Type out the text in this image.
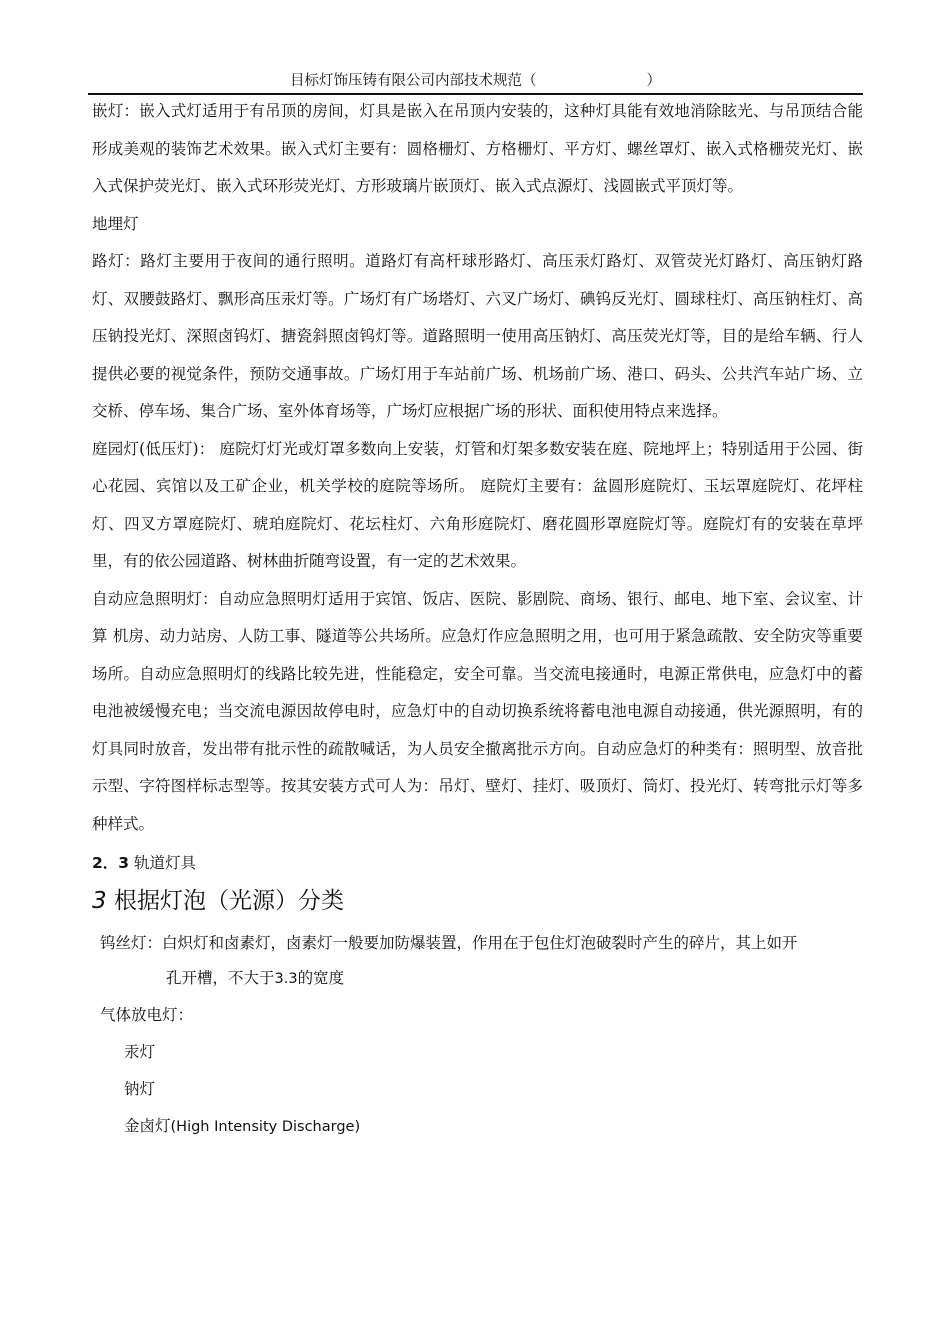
目标灯饰压铸有限公司内部技术规范（	）

嵌灯：嵌入式灯适用于有吊顶的房间，灯具是嵌入在吊顶内安装的，这种灯具能有效地消除眩光、与吊顶结合能形成美观的装饰艺术效果。嵌入式灯主要有：圆格栅灯、方格栅灯、平方灯、螺丝罩灯、嵌入式格栅荧光灯、嵌入式保护荧光灯、嵌入式环形荧光灯、方形玻璃片嵌顶灯、嵌入式点源灯、浅圆嵌式平顶灯等。

地埋灯

路灯：路灯主要用于夜间的通行照明。道路灯有高杆球形路灯、高压汞灯路灯、双管荧光灯路灯、高压钠灯路灯、双腰鼓路灯、飘形高压汞灯等。广场灯有广场塔灯、六叉广场灯、碘钨反光灯、圆球柱灯、高压钠柱灯、高压钠投光灯、深照卤钨灯、搪瓷斜照卤钨灯等。道路照明一使用高压钠灯、高压荧光灯等，目的是给车辆、行人提供必要的视觉条件，预防交通事故。广场灯用于车站前广场、机场前广场、港口、码头、公共汽车站广场、立交桥、停车场、集合广场、室外体育场等，广场灯应根据广场的形状、面积使用特点来选择。

庭园灯(低压灯)： 庭院灯灯光或灯罩多数向上安装，灯管和灯架多数安装在庭、院地坪上；特别适用于公园、街心花园、宾馆以及工矿企业，机关学校的庭院等场所。 庭院灯主要有：盆圆形庭院灯、玉坛罩庭院灯、花坪柱灯、四叉方罩庭院灯、琥珀庭院灯、花坛柱灯、六角形庭院灯、磨花圆形罩庭院灯等。庭院灯有的安装在草坪里，有的依公园道路、树林曲折随弯设置，有一定的艺术效果。

自动应急照明灯：自动应急照明灯适用于宾馆、饭店、医院、影剧院、商场、银行、邮电、地下室、会议室、计算 机房、动力站房、人防工事、隧道等公共场所。应急灯作应急照明之用，也可用于紧急疏散、安全防灾等重要场所。自动应急照明灯的线路比较先进，性能稳定，安全可靠。当交流电接通时，电源正常供电，应急灯中的蓄电池被缓慢充电；当交流电源因故停电时，应急灯中的自动切换系统将蓄电池电源自动接通，供光源照明，有的灯具同时放音，发出带有批示性的疏散喊话，为人员安全撤离批示方向。自动应急灯的种类有：照明型、放音批示型、字符图样标志型等。按其安装方式可人为：吊灯、壁灯、挂灯、吸顶灯、筒灯、投光灯、转弯批示灯等多种样式。

2．3 轨道灯具
3 根据灯泡（光源）分类

钨丝灯：白炽灯和卤素灯，卤素灯一般要加防爆装置，作用在于包住灯泡破裂时产生的碎片，其上如开

孔开槽，不大于3.3的宽度

气体放电灯：

汞灯

钠灯

金卤灯(High Intensity Discharge)
